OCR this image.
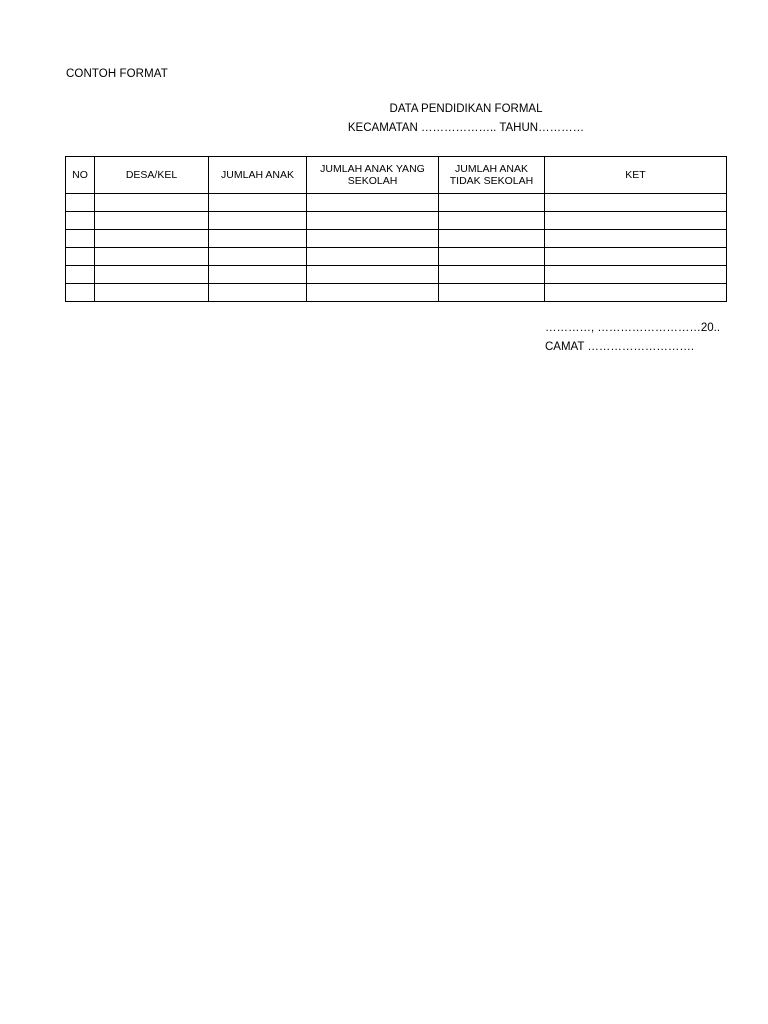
CONTOH FORMAT
DATA PENDIDIKAN FORMAL
KECAMATAN ……………….. TAHUN…………
NO	DESA/KEL	JUMLAH ANAK	JUMLAH ANAK YANG SEKOLAH	JUMLAH ANAK TIDAK SEKOLAH	KET

…………, ………………………20..
CAMAT ……………………….
